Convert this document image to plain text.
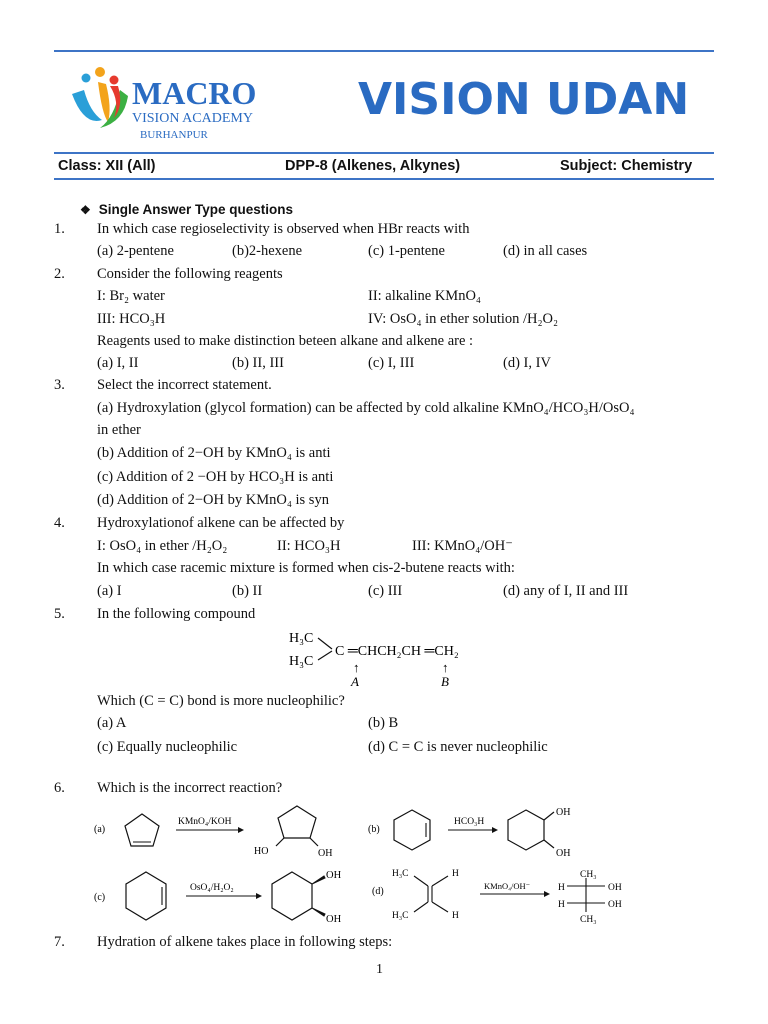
MACRO
VISION ACADEMY
BURHANPUR
VISION UDAN
Class: XII (All)	DPP-8 (Alkenes, Alkynes)	Subject: Chemistry
❖ Single Answer Type questions
1. In which case regioselectivity is observed when HBr reacts with
(a) 2-pentene	(b)2-hexene	(c) 1-pentene	(d) in all cases
2. Consider the following reagents
I: Br₂ water	II: alkaline KMnO₄
III: HCO₃H	IV: OsO₄ in ether solution /H₂O₂
Reagents used to make distinction beteen alkane and alkene are :
(a) I, II	(b) II, III	(c) I, III	(d) I, IV
3. Select the incorrect statement.
(a) Hydroxylation (glycol formation) can be affected by cold alkaline KMnO₄/HCO₃H/OsO₄
in ether
(b) Addition of 2−OH by KMnO₄ is anti
(c) Addition of 2 −OH by HCO₃H is anti
(d) Addition of 2−OH by KMnO₄ is syn
4. Hydroxylationof alkene can be affected by
I: OsO₄ in ether /H₂O₂	II: HCO₃H	III: KMnO₄/OH⁻
In which case racemic mixture is formed when cis-2-butene reacts with:
(a) I	(b) II	(c) III	(d) any of I, II and III
5. In the following compound
H₃C
H₃C
C ═CHCH₂CH ═CH₂
↑
A
↑
B
Which (C = C) bond is more nucleophilic?
(a) A	(b) B
(c) Equally nucleophilic	(d) C = C is never nucleophilic
6. Which is the incorrect reaction?
(a)
KMnO₄/KOH
HO	OH
(b)
HCO₃H
OH
OH
(c)
OsO₄/H₂O₂
OH
OH
(d)
H₃C
H₃C
H
H
KMnO₄/OH⁻
CH₃
H
H
OH
OH
CH₃
7. Hydration of alkene takes place in following steps:
1
